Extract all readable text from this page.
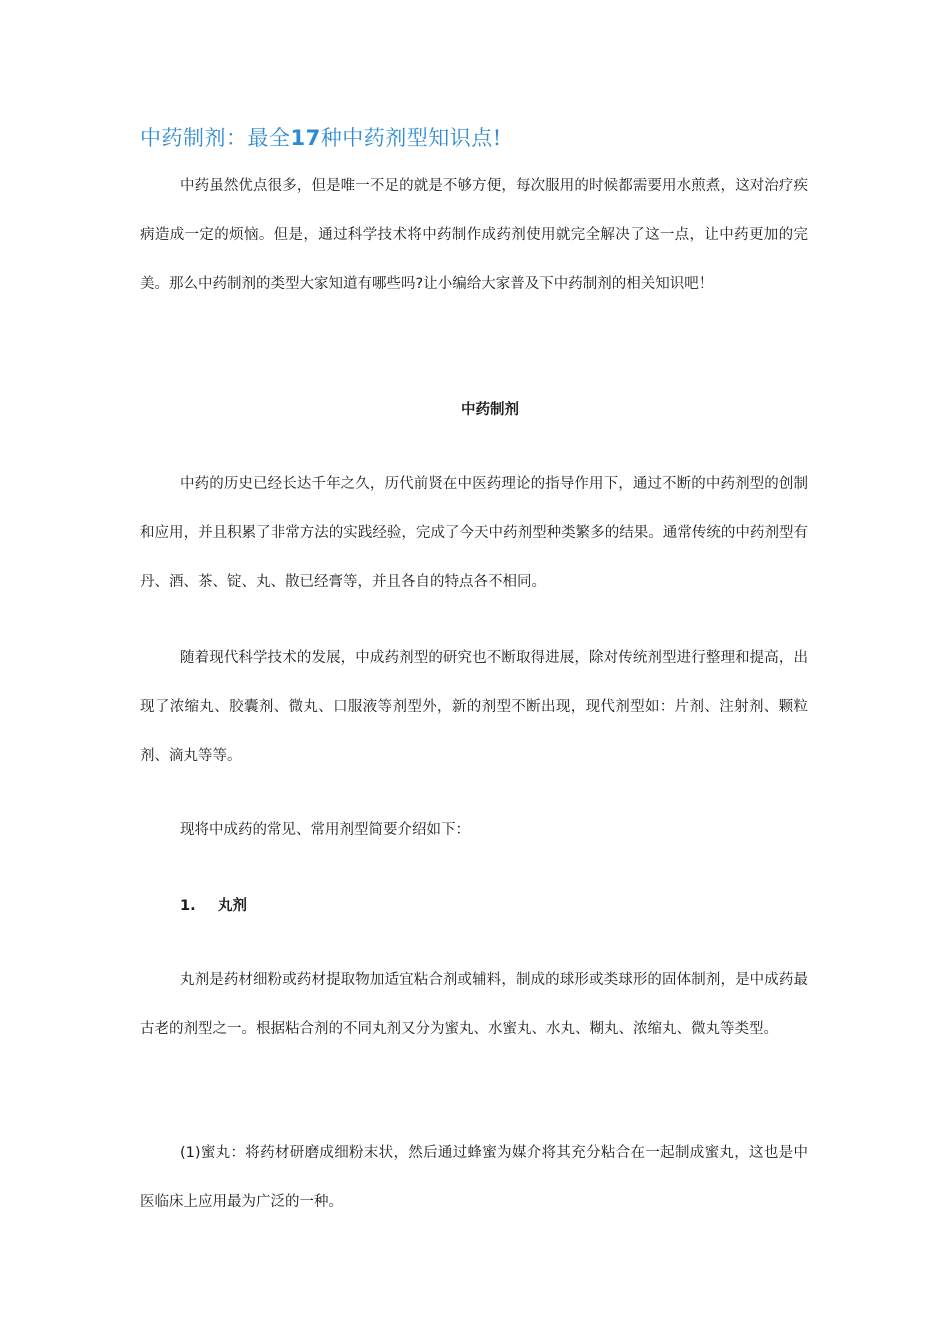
中药制剂：最全17种中药剂型知识点!

中药虽然优点很多，但是唯一不足的就是不够方便，每次服用的时候都需要用水煎煮，这对治疗疾病造成一定的烦恼。但是，通过科学技术将中药制作成药剂使用就完全解决了这一点，让中药更加的完美。那么中药制剂的类型大家知道有哪些吗?让小编给大家普及下中药制剂的相关知识吧！

中药制剂

中药的历史已经长达千年之久，历代前贤在中医药理论的指导作用下，通过不断的中药剂型的创制和应用，并且积累了非常方法的实践经验，完成了今天中药剂型种类繁多的结果。通常传统的中药剂型有丹、酒、茶、锭、丸、散已经膏等，并且各自的特点各不相同。

随着现代科学技术的发展，中成药剂型的研究也不断取得进展，除对传统剂型进行整理和提高，出现了浓缩丸、胶囊剂、微丸、口服液等剂型外，新的剂型不断出现，现代剂型如：片剂、注射剂、颗粒剂、滴丸等等。

现将中成药的常见、常用剂型简要介绍如下：

1. 丸剂

丸剂是药材细粉或药材提取物加适宜粘合剂或辅料，制成的球形或类球形的固体制剂，是中成药最古老的剂型之一。根据粘合剂的不同丸剂又分为蜜丸、水蜜丸、水丸、糊丸、浓缩丸、微丸等类型。

(1)蜜丸：将药材研磨成细粉末状，然后通过蜂蜜为媒介将其充分粘合在一起制成蜜丸，这也是中医临床上应用最为广泛的一种。
